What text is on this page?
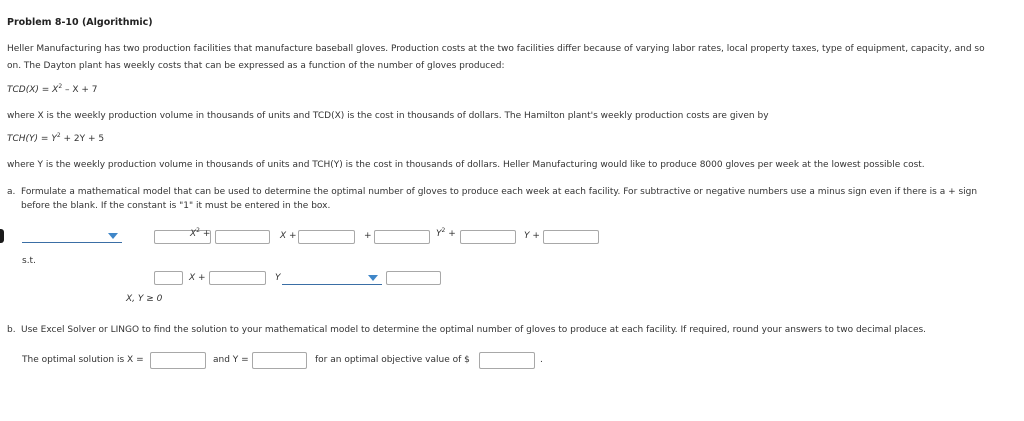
Problem 8-10 (Algorithmic)
Heller Manufacturing has two production facilities that manufacture baseball gloves. Production costs at the two facilities differ because of varying labor rates, local property taxes, type of equipment, capacity, and so
on. The Dayton plant has weekly costs that can be expressed as a function of the number of gloves produced:
$TCD(X) = X^2 - X + 7$
where X is the weekly production volume in thousands of units and TCD(X) is the cost in thousands of dollars. The Hamilton plant's weekly production costs are given by
$TCH(Y) = Y^2 + 2Y + 5$
where Y is the weekly production volume in thousands of units and TCH(Y) is the cost in thousands of dollars. Heller Manufacturing would like to produce 8000 gloves per week at the lowest possible cost.
a. Formulate a mathematical model that can be used to determine the optimal number of gloves to produce each week at each facility. For subtractive or negative numbers use a minus sign even if there is a + sign
before the blank. If the constant is "1" it must be entered in the box.
$X^2$ +	X +	+	$Y^2$ +	Y +
s.t.
X +	Y
X, Y ≥ 0
b. Use Excel Solver or LINGO to find the solution to your mathematical model to determine the optimal number of gloves to produce at each facility. If required, round your answers to two decimal places.
The optimal solution is X =	and Y =	for an optimal objective value of $	.
